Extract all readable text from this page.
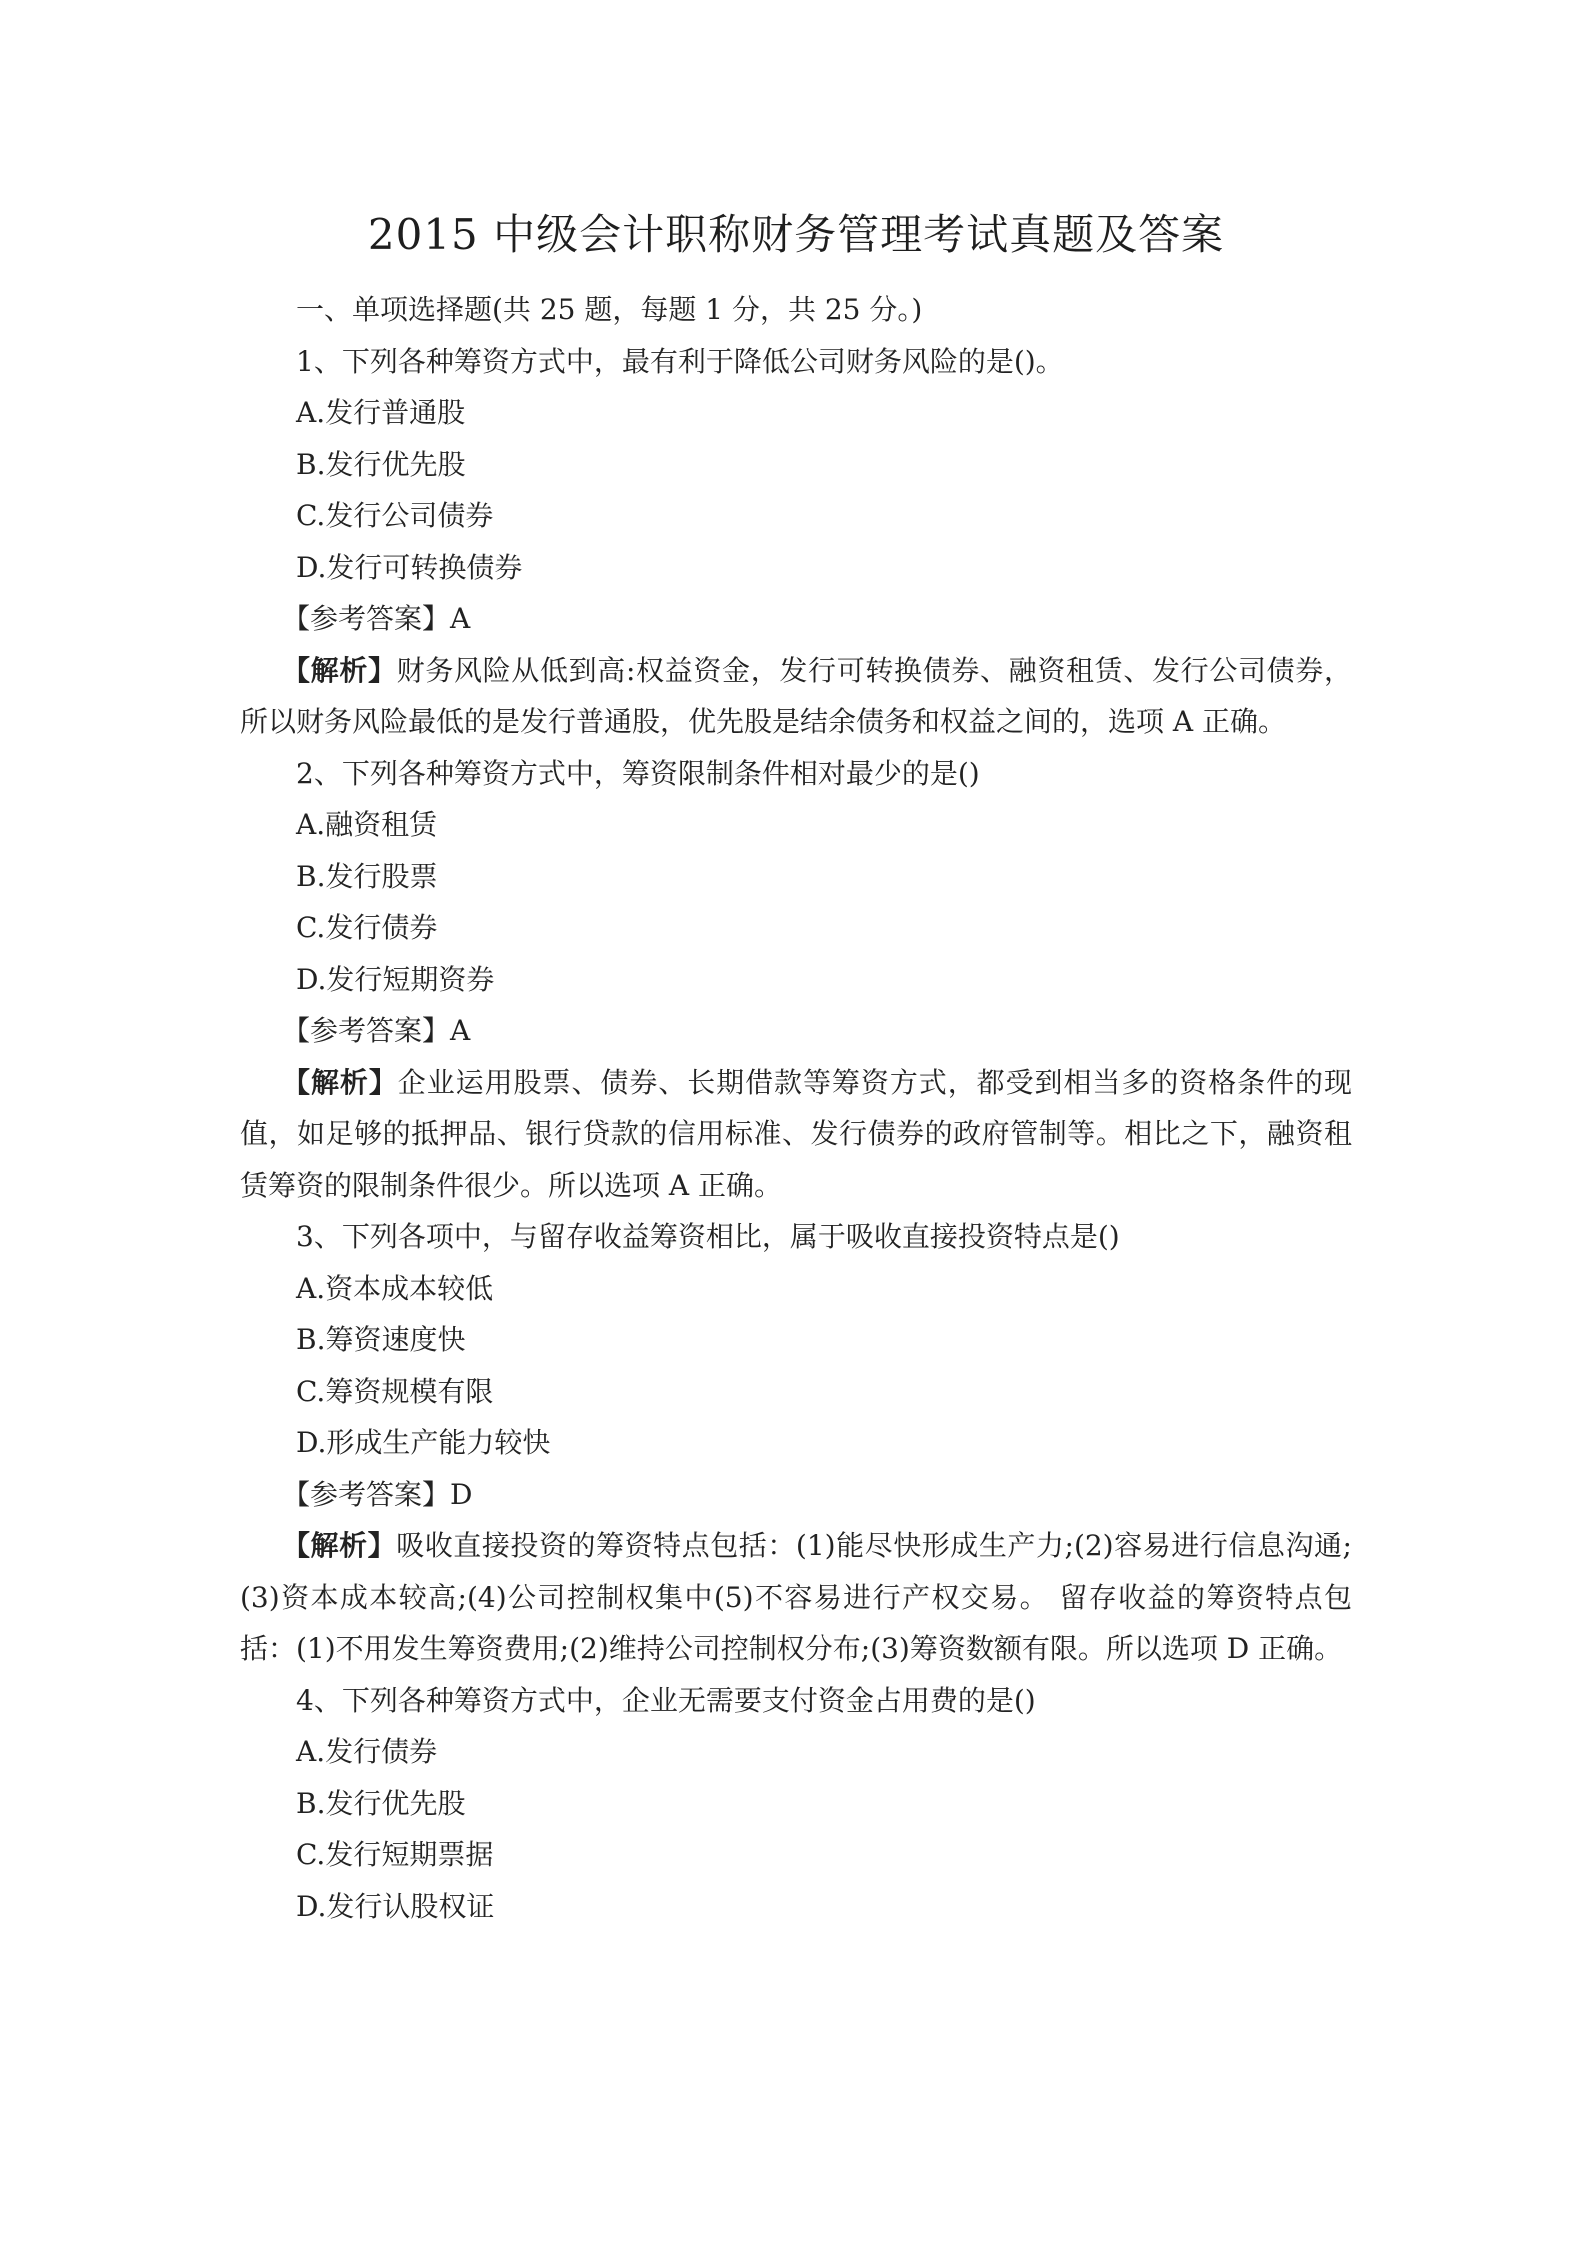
2015 中级会计职称财务管理考试真题及答案

一、单项选择题(共 25 题，每题 1 分，共 25 分。)

1、下列各种筹资方式中，最有利于降低公司财务风险的是()。

A.发行普通股

B.发行优先股

C.发行公司债券

D.发行可转换债券

【参考答案】A

【解析】财务风险从低到高:权益资金，发行可转换债券、融资租赁、发行公司债券，所以财务风险最低的是发行普通股，优先股是结余债务和权益之间的，选项 A 正确。

2、下列各种筹资方式中，筹资限制条件相对最少的是()

A.融资租赁

B.发行股票

C.发行债券

D.发行短期资券

【参考答案】A

【解析】企业运用股票、债券、长期借款等筹资方式，都受到相当多的资格条件的现值，如足够的抵押品、银行贷款的信用标准、发行债券的政府管制等。相比之下，融资租赁筹资的限制条件很少。所以选项 A 正确。

3、下列各项中，与留存收益筹资相比，属于吸收直接投资特点是()

A.资本成本较低

B.筹资速度快

C.筹资规模有限

D.形成生产能力较快

【参考答案】D

【解析】吸收直接投资的筹资特点包括：(1)能尽快形成生产力;(2)容易进行信息沟通;(3)资本成本较高;(4)公司控制权集中(5)不容易进行产权交易。 留存收益的筹资特点包括：(1)不用发生筹资费用;(2)维持公司控制权分布;(3)筹资数额有限。所以选项 D 正确。

4、下列各种筹资方式中，企业无需要支付资金占用费的是()

A.发行债券

B.发行优先股

C.发行短期票据

D.发行认股权证
